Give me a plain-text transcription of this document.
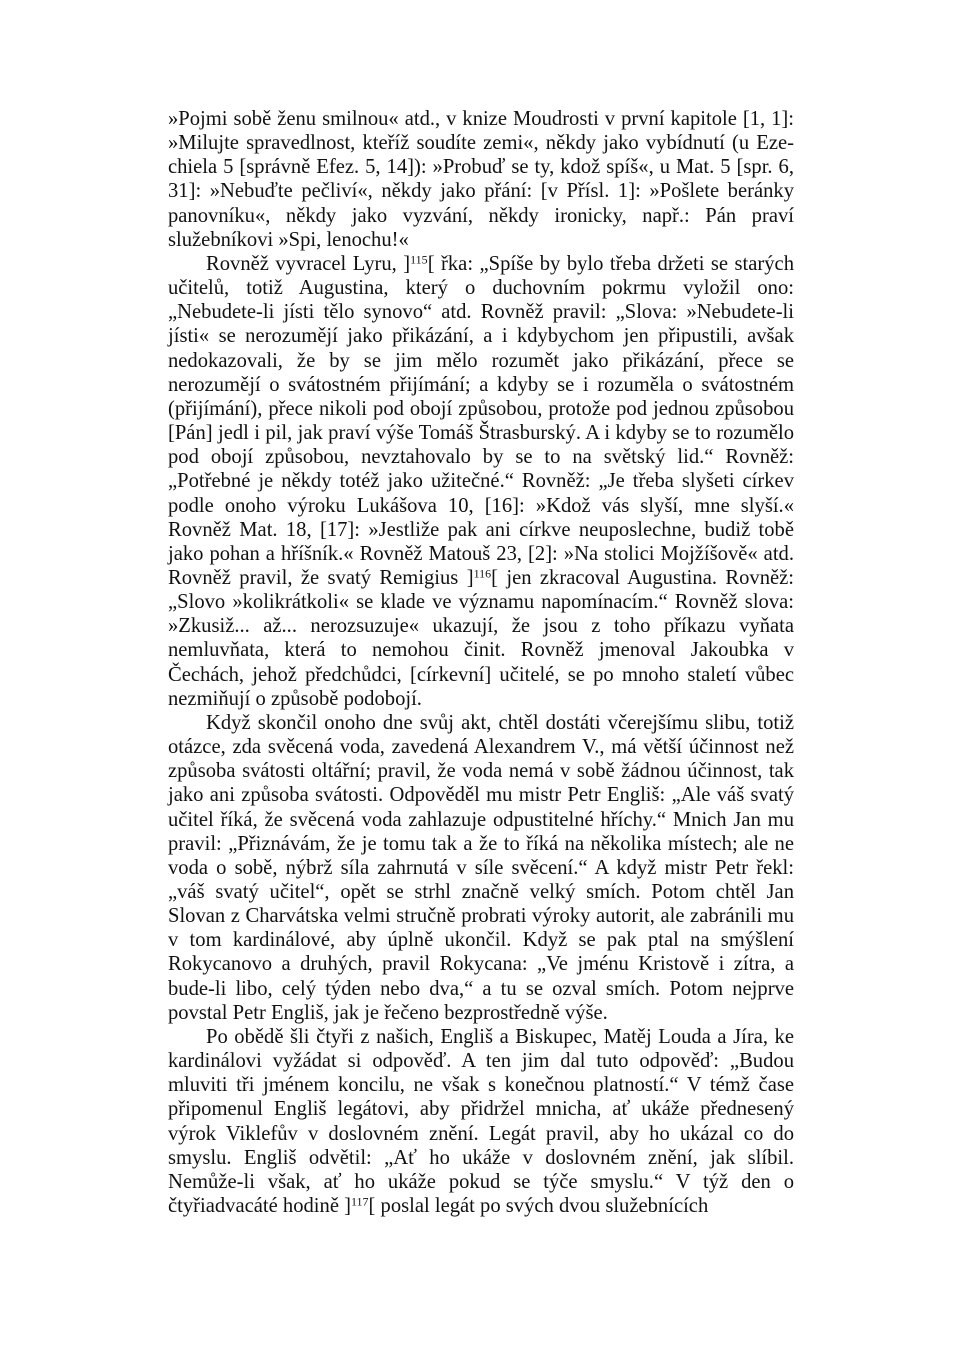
»Pojmi sobě ženu smilnou« atd., v knize Moudrosti v první kapitole [1, 1]: »Milujte spravedlnost, kteříž soudíte zemi«, někdy jako vybídnutí (u Ezechiela 5 [správně Efez. 5, 14]): »Probuď se ty, kdož spíš«, u Mat. 5 [spr. 6, 31]: »Nebuďte pečliví«, někdy jako přání: [v Přísl. 1]: »Pošlete beránky panovníku«, někdy jako vyzvání, někdy ironicky, např.: Pán praví služebníkovi »Spi, lenochu!«

Rovněž vyvracel Lyru, ]$^{115}$[ řka: „Spíše by bylo třeba držeti se starých učitelů, totiž Augustina, který o duchovním pokrmu vyložil ono: „Nebudete-li jísti tělo synovo“ atd. Rovněž pravil: „Slova: »Nebudete-li jísti« se nerozumějí jako přikázání, a i kdybychom jen připustili, avšak nedokazovali, že by se jim mělo rozumět jako přikázání, přece se nerozumějí o svátostném přijímání; a kdyby se i rozuměla o svátostném (přijímání), přece nikoli pod obojí způsobou, protože pod jednou způsobou [Pán] jedl i pil, jak praví výše Tomáš Štrasburský. A i kdyby se to rozumělo pod obojí způsobou, nevztahovalo by se to na světský lid.“ Rovněž: „Potřebné je někdy totéž jako užitečné.“ Rovněž: „Je třeba slyšeti církev podle onoho výroku Lukášova 10, [16]: »Kdož vás slyší, mne slyší.« Rovněž Mat. 18, [17]: »Jestliže pak ani církve neuposlechne, budiž tobě jako pohan a hříšník.« Rovněž Matouš 23, [2]: »Na stolici Mojžíšově« atd. Rovněž pravil, že svatý Remigius ]$^{116}$[ jen zkracoval Augustina. Rovněž: „Slovo »kolikrátkoli« se klade ve významu napomínacím.“ Rovněž slova: »Zkusiž... až... nerozsuzuje« ukazují, že jsou z toho příkazu vyňata nemluvňata, která to nemohou činit. Rovněž jmenoval Jakoubka v Čechách, jehož předchůdci, [církevní] učitelé, se po mnoho staletí vůbec nezmiňují o způsobě podobojí.

Když skončil onoho dne svůj akt, chtěl dostáti včerejšímu slibu, totiž otázce, zda svěcená voda, zavedená Alexandrem V., má větší účinnost než způsoba svátosti oltářní; pravil, že voda nemá v sobě žádnou účinnost, tak jako ani způsoba svátosti. Odpověděl mu mistr Petr Engliš: „Ale váš svatý učitel říká, že svěcená voda zahlazuje odpustitelné hříchy.“ Mnich Jan mu pravil: „Přiznávám, že je tomu tak a že to říká na několika místech; ale ne voda o sobě, nýbrž síla zahrnutá v síle svěcení.“ A když mistr Petr řekl: „váš svatý učitel“, opět se strhl značně velký smích. Potom chtěl Jan Slovan z Charvátska velmi stručně probrati výroky autorit, ale zabránili mu v tom kardinálové, aby úplně ukončil. Když se pak ptal na smýšlení Rokycanovo a druhých, pravil Rokycana: „Ve jménu Kristově i zítra, a bude-li libo, celý týden nebo dva,“ a tu se ozval smích. Potom nejprve povstal Petr Engliš, jak je řečeno bezprostředně výše.

Po obědě šli čtyři z našich, Engliš a Biskupec, Matěj Louda a Jíra, ke kardinálovi vyžádat si odpověď. A ten jim dal tuto odpověď: „Budou mluviti tři jménem koncilu, ne však s konečnou platností.“ V témž čase připomenul Engliš legátovi, aby přidržel mnicha, ať ukáže přednesený výrok Viklefův v doslovném znění. Legát pravil, aby ho ukázal co do smyslu. Engliš odvětil: „Ať ho ukáže v doslovném znění, jak slíbil. Nemůže-li však, ať ho ukáže pokud se týče smyslu.“ V týž den o čtyřiadvacáté hodině ]$^{117}$[ poslal legát po svých dvou služebnících
